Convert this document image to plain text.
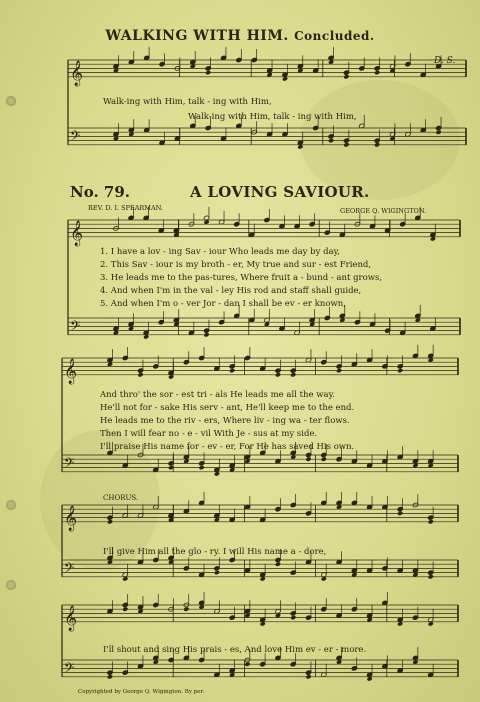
𝄞
𝄢
𝄞
𝄢
𝄞
𝄢
𝄞
𝄢
𝄞
𝄢
WALKING WITH HIM. Concluded.
D. S.
Walk-ing with Him, talk - ing with Him,
Walk-ing with Him, talk - ing with Him,
No. 79.	A LOVING SAVIOUR.
REV. D. I. SPEARMAN.	GEORGE Q. WIGINGTON.
1. I have a lov - ing Sav - iour Who leads me day by day,
2. This Sav - iour is my broth - er, My true and sur - est Friend,
3. He leads me to the pas-tures, Where fruit a - bund - ant grows,
4. And when I'm in the val - ley His rod and staff shall guide,
5. And when I'm o - ver Jor - dan I shall be ev - er known,
And thro' the sor - est tri - als He leads me all the way.
He'll not for - sake His serv - ant, He'll keep me to the end.
He leads me to the riv - ers, Where liv - ing wa - ter flows.
Then I will fear no - e - vil With Je - sus at my side.
I'll praise His name for - ev - er, For He has saved His own.
CHORUS.
I'll give Him all the glo - ry. I will His name a - dore,
I'll shout and sing His prais - es, And love Him ev - er - more.
Copyrighted by George Q. Wigington. By per.
